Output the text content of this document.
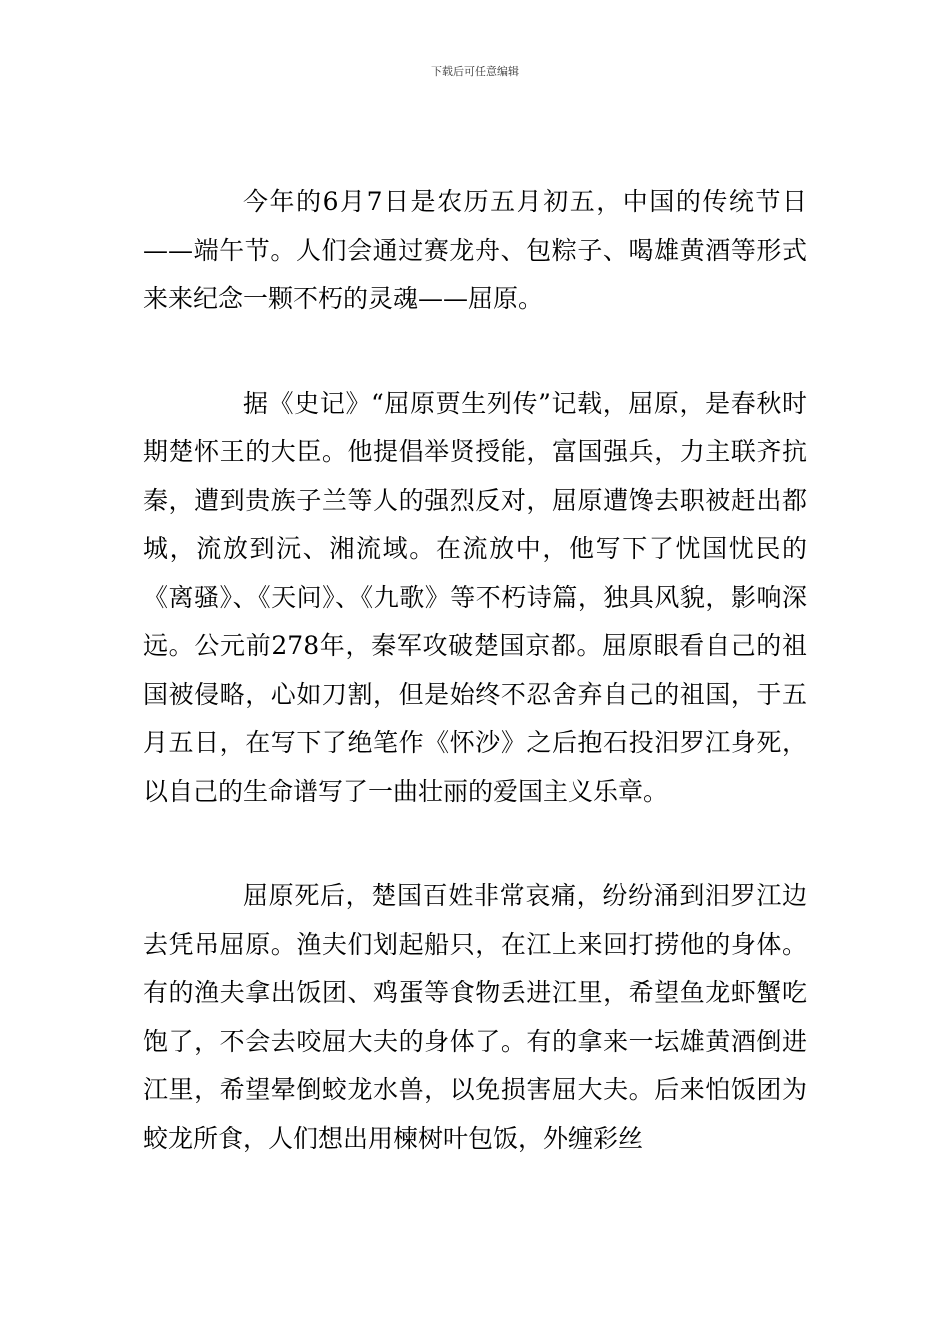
下载后可任意编辑

今年的6月7日是农历五月初五，中国的传统节日——端午节。人们会通过赛龙舟、包粽子、喝雄黄酒等形式来来纪念一颗不朽的灵魂——屈原。

据《史记》“屈原贾生列传”记载，屈原，是春秋时期楚怀王的大臣。他提倡举贤授能，富国强兵，力主联齐抗秦，遭到贵族子兰等人的强烈反对，屈原遭馋去职被赶出都城，流放到沅、湘流域。在流放中，他写下了忧国忧民的《离骚》、《天问》、《九歌》等不朽诗篇，独具风貌，影响深远。公元前278年，秦军攻破楚国京都。屈原眼看自己的祖国被侵略，心如刀割，但是始终不忍舍弃自己的祖国，于五月五日，在写下了绝笔作《怀沙》之后抱石投汨罗江身死，以自己的生命谱写了一曲壮丽的爱国主义乐章。

屈原死后，楚国百姓非常哀痛，纷纷涌到汨罗江边去凭吊屈原。渔夫们划起船只，在江上来回打捞他的身体。有的渔夫拿出饭团、鸡蛋等食物丢进江里，希望鱼龙虾蟹吃饱了，不会去咬屈大夫的身体了。有的拿来一坛雄黄酒倒进江里，希望晕倒蛟龙水兽，以免损害屈大夫。后来怕饭团为蛟龙所食，人们想出用楝树叶包饭，外缠彩丝
